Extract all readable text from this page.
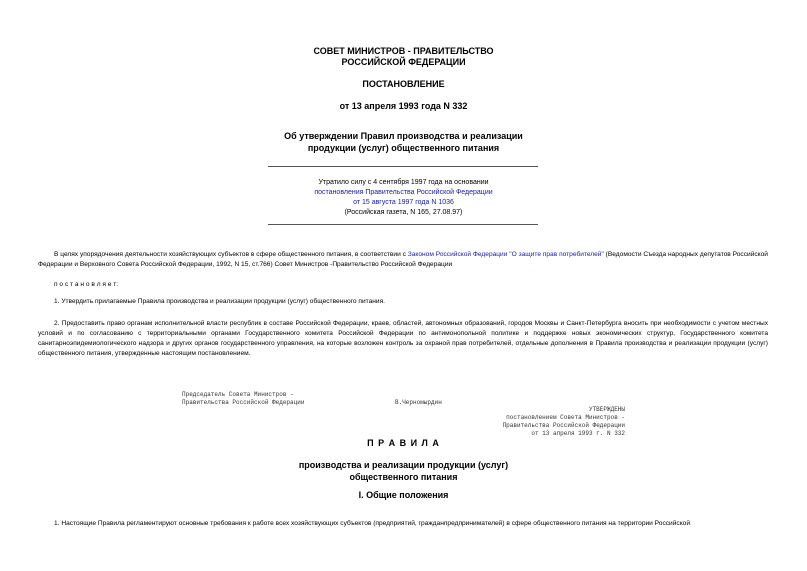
СОВЕТ МИНИСТРОВ - ПРАВИТЕЛЬСТВО
РОССИЙСКОЙ ФЕДЕРАЦИИ
ПОСТАНОВЛЕНИЕ
от 13 апреля 1993 года N 332
Об утверждении Правил производства и реализации
продукции (услуг) общественного питания
Утратило силу с 4 сентября 1997 года на основании
постановления Правительства Российской Федерации
от 15 августа 1997 года N 1036
(Российская газета, N 165, 27.08.97)
В целях упорядочения деятельности хозяйствующих субъектов в сфере общественного питания, в соответствии с Законом Российской Федерации "О защите прав потребителей" (Ведомости Съезда народных депутатов Российской Федерации и Верховного Совета Российской Федерации, 1992, N 15, ст.766) Совет Министров -Правительство Российской Федерации
п о с т а н о в л я е т:
1. Утвердить прилагаемые Правила производства и реализации продукции (услуг) общественного питания.
2. Предоставить право органам исполнительной власти республик в составе Российской Федерации, краев, областей, автономных образований, городов Москвы и Санкт-Петербурга вносить при необходимости с учетом местных условий и по согласованию с территориальными органами Государственного комитета Российской Федерации по антимонопольной политике и поддержке новых экономических структур, Государственного комитета санитарноэпидемиологического надзора и других органов государственного управления, на которые возложен контроль за охраной прав потребителей, отдельные дополнения в Правила производства и реализации продукции (услуг) общественного питания, утвержденные настоящим постановлением.
Председатель Совета Министров -
Правительства Российской Федерации	В.Черномырдин
УТВЕРЖДЕНЫ
постановлением Совета Министров -
Правительства Российской Федерации
от 13 апреля 1993 г. N 332
П Р А В И Л А
производства и реализации продукции (услуг)
общественного питания
I. Общие положения
1. Настоящие Правила регламентируют основные требования к работе всех хозяйствующих субъектов (предприятий, гражданпредпринимателей) в сфере общественного питания на территории Российской
